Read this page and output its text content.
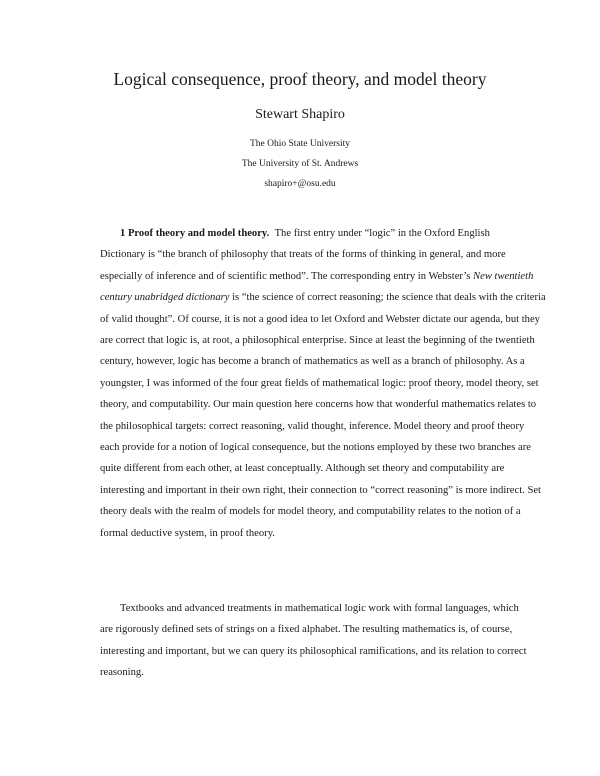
Logical consequence, proof theory, and model theory
Stewart Shapiro
The Ohio State University
The University of St. Andrews
shapiro+@osu.edu
1 Proof theory and model theory. The first entry under “logic” in the Oxford English
Dictionary is “the branch of philosophy that treats of the forms of thinking in general, and more
especially of inference and of scientific method”. The corresponding entry in Webster’s New twentieth
century unabridged dictionary is “the science of correct reasoning; the science that deals with the criteria
of valid thought”. Of course, it is not a good idea to let Oxford and Webster dictate our agenda, but they
are correct that logic is, at root, a philosophical enterprise. Since at least the beginning of the twentieth
century, however, logic has become a branch of mathematics as well as a branch of philosophy. As a
youngster, I was informed of the four great fields of mathematical logic: proof theory, model theory, set
theory, and computability. Our main question here concerns how that wonderful mathematics relates to
the philosophical targets: correct reasoning, valid thought, inference. Model theory and proof theory
each provide for a notion of logical consequence, but the notions employed by these two branches are
quite different from each other, at least conceptually. Although set theory and computability are
interesting and important in their own right, their connection to “correct reasoning” is more indirect. Set
theory deals with the realm of models for model theory, and computability relates to the notion of a
formal deductive system, in proof theory.
Textbooks and advanced treatments in mathematical logic work with formal languages, which
are rigorously defined sets of strings on a fixed alphabet. The resulting mathematics is, of course,
interesting and important, but we can query its philosophical ramifications, and its relation to correct
reasoning.
